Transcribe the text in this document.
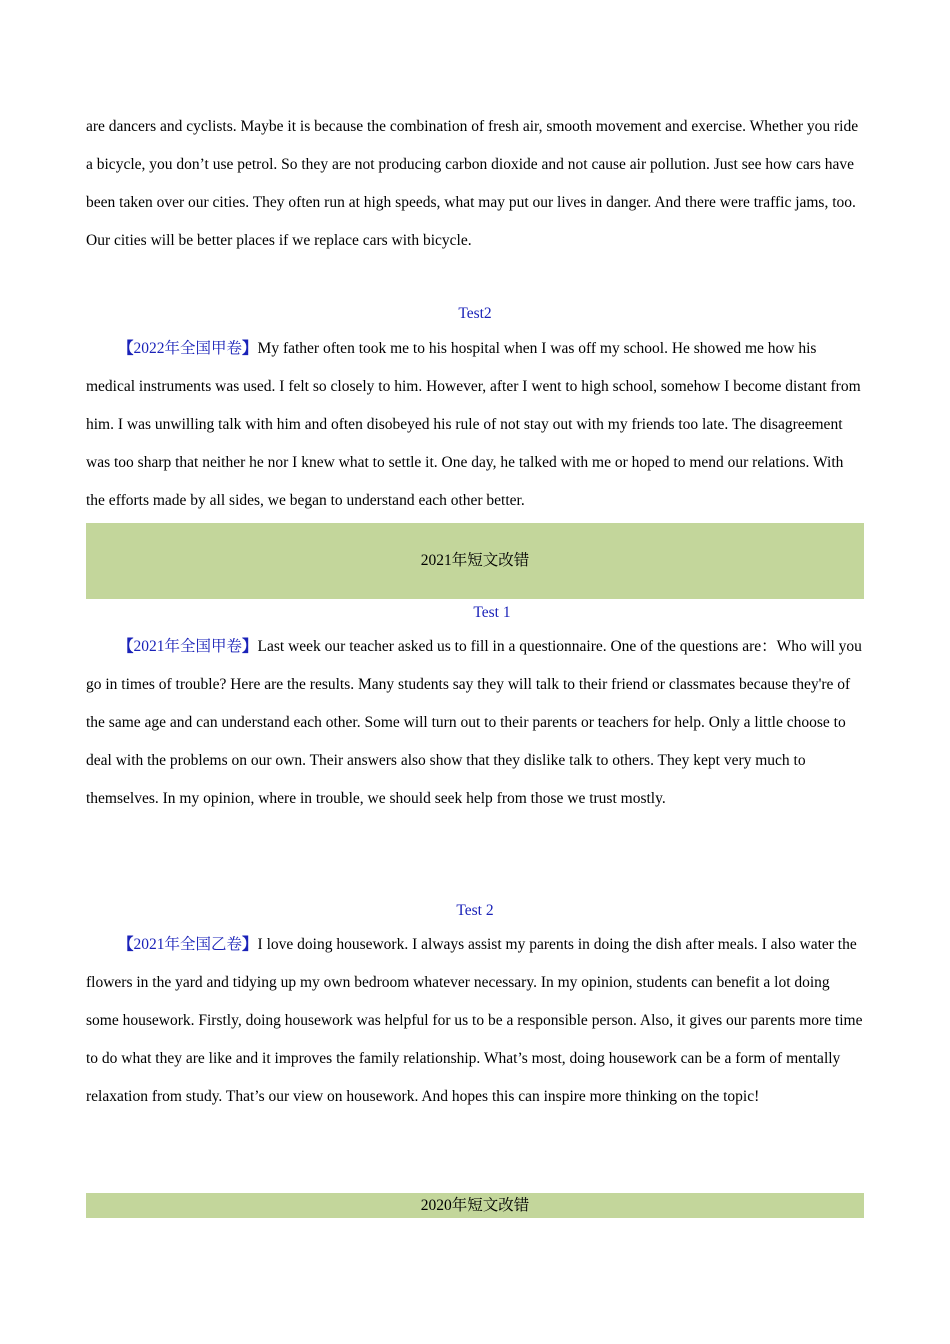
are dancers and cyclists. Maybe it is because the combination of fresh air, smooth movement and exercise. Whether you ride a bicycle, you don’t use petrol. So they are not producing carbon dioxide and not cause air pollution. Just see how cars have been taken over our cities. They often run at high speeds, what may put our lives in danger. And there were traffic jams, too. Our cities will be better places if we replace cars with bicycle.

Test2

【2022年全国甲卷】My father often took me to his hospital when I was off my school. He showed me how his medical instruments was used. I felt so closely to him. However, after I went to high school, somehow I become distant from him. I was unwilling talk with him and often disobeyed his rule of not stay out with my friends too late. The disagreement was too sharp that neither he nor I knew what to settle it. One day, he talked with me or hoped to mend our relations. With the efforts made by all sides, we began to understand each other better.

2021年短文改错

Test 1

【2021年全国甲卷】Last week our teacher asked us to fill in a questionnaire. One of the questions are：Who will you go in times of trouble? Here are the results. Many students say they will talk to their friend or classmates because they're of the same age and can understand each other. Some will turn out to their parents or teachers for help. Only a little choose to deal with the problems on our own. Their answers also show that they dislike talk to others. They kept very much to themselves. In my opinion, where in trouble, we should seek help from those we trust mostly.

Test 2

【2021年全国乙卷】I love doing housework. I always assist my parents in doing the dish after meals. I also water the flowers in the yard and tidying up my own bedroom whatever necessary. In my opinion, students can benefit a lot doing some housework. Firstly, doing housework was helpful for us to be a responsible person. Also, it gives our parents more time to do what they are like and it improves the family relationship. What’s most, doing housework can be a form of mentally relaxation from study. That’s our view on housework. And hopes this can inspire more thinking on the topic!

2020年短文改错
